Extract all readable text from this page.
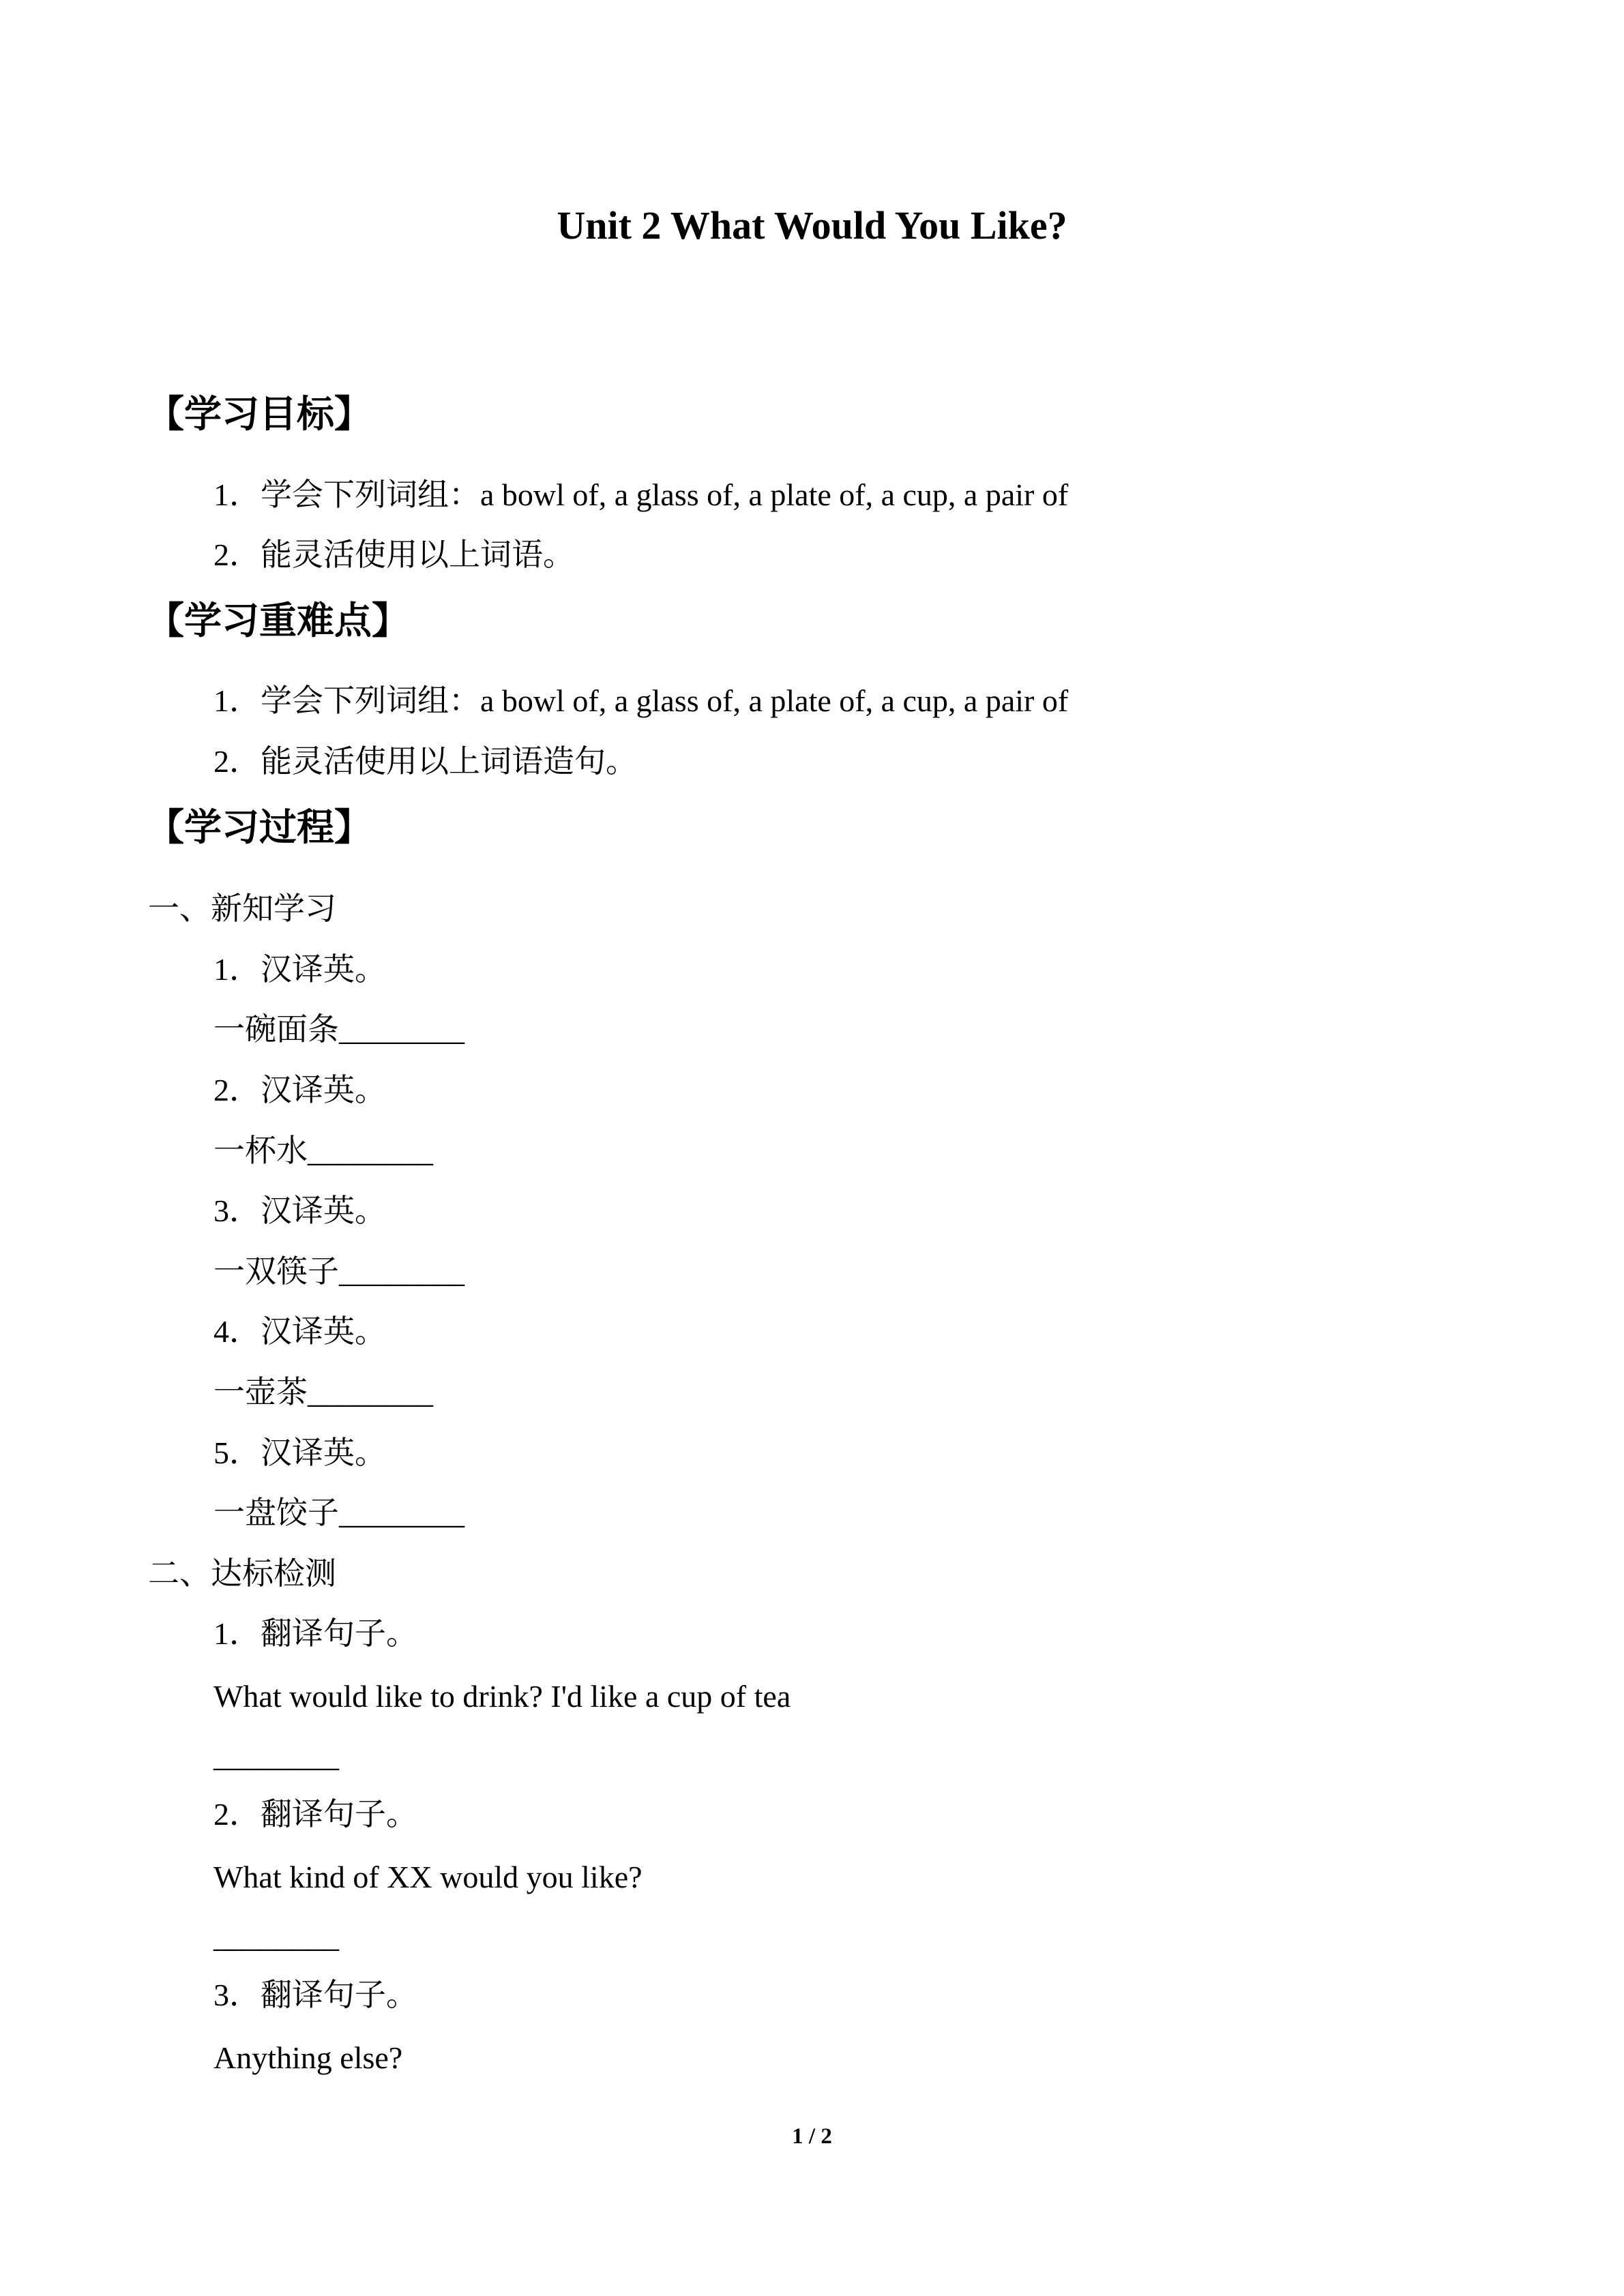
Unit 2 What Would You Like?
【学习目标】
1．学会下列词组：a bowl of, a glass of, a plate of, a cup, a pair of
2．能灵活使用以上词语。
【学习重难点】
1．学会下列词组：a bowl of, a glass of, a plate of, a cup, a pair of
2．能灵活使用以上词语造句。
【学习过程】
一、新知学习
1．汉译英。
一碗面条________
2．汉译英。
一杯水________
3．汉译英。
一双筷子________
4．汉译英。
一壶茶________
5．汉译英。
一盘饺子________
二、达标检测
1．翻译句子。
What would like to drink? I'd like a cup of tea
________
2．翻译句子。
What kind of XX would you like?
________
3．翻译句子。
Anything else?
1 / 2
